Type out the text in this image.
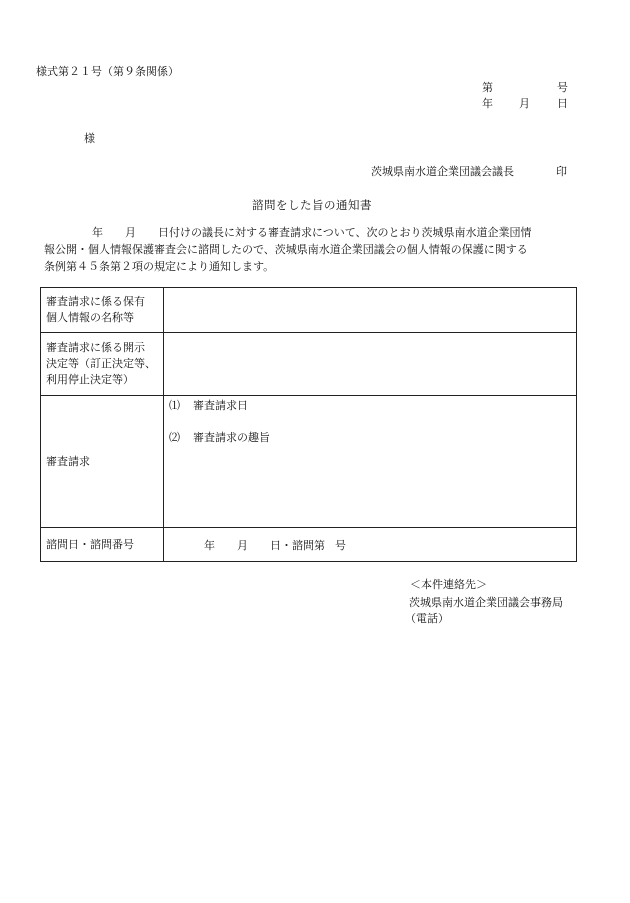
様式第２１号（第９条関係）
第	号
年 月 日
様
茨城県南水道企業団議会議長	印
諮問をした旨の通知書
年 月 日付けの議長に対する審査請求について、次のとおり茨城県南水道企業団情
報公開・個人情報保護審査会に諮問したので、茨城県南水道企業団議会の個人情報の保護に関する
条例第４５条第２項の規定により通知します。
審査請求に係る保有
個人情報の名称等	

審査請求に係る開示
決定等（訂正決定等、
利用停止決定等）	

審査請求	⑴ 審査請求日
⑵ 審査請求の趣旨

諮問日・諮問番号	年 月 日・諮問第 号
＜本件連絡先＞
茨城県南水道企業団議会事務局
（電話）
